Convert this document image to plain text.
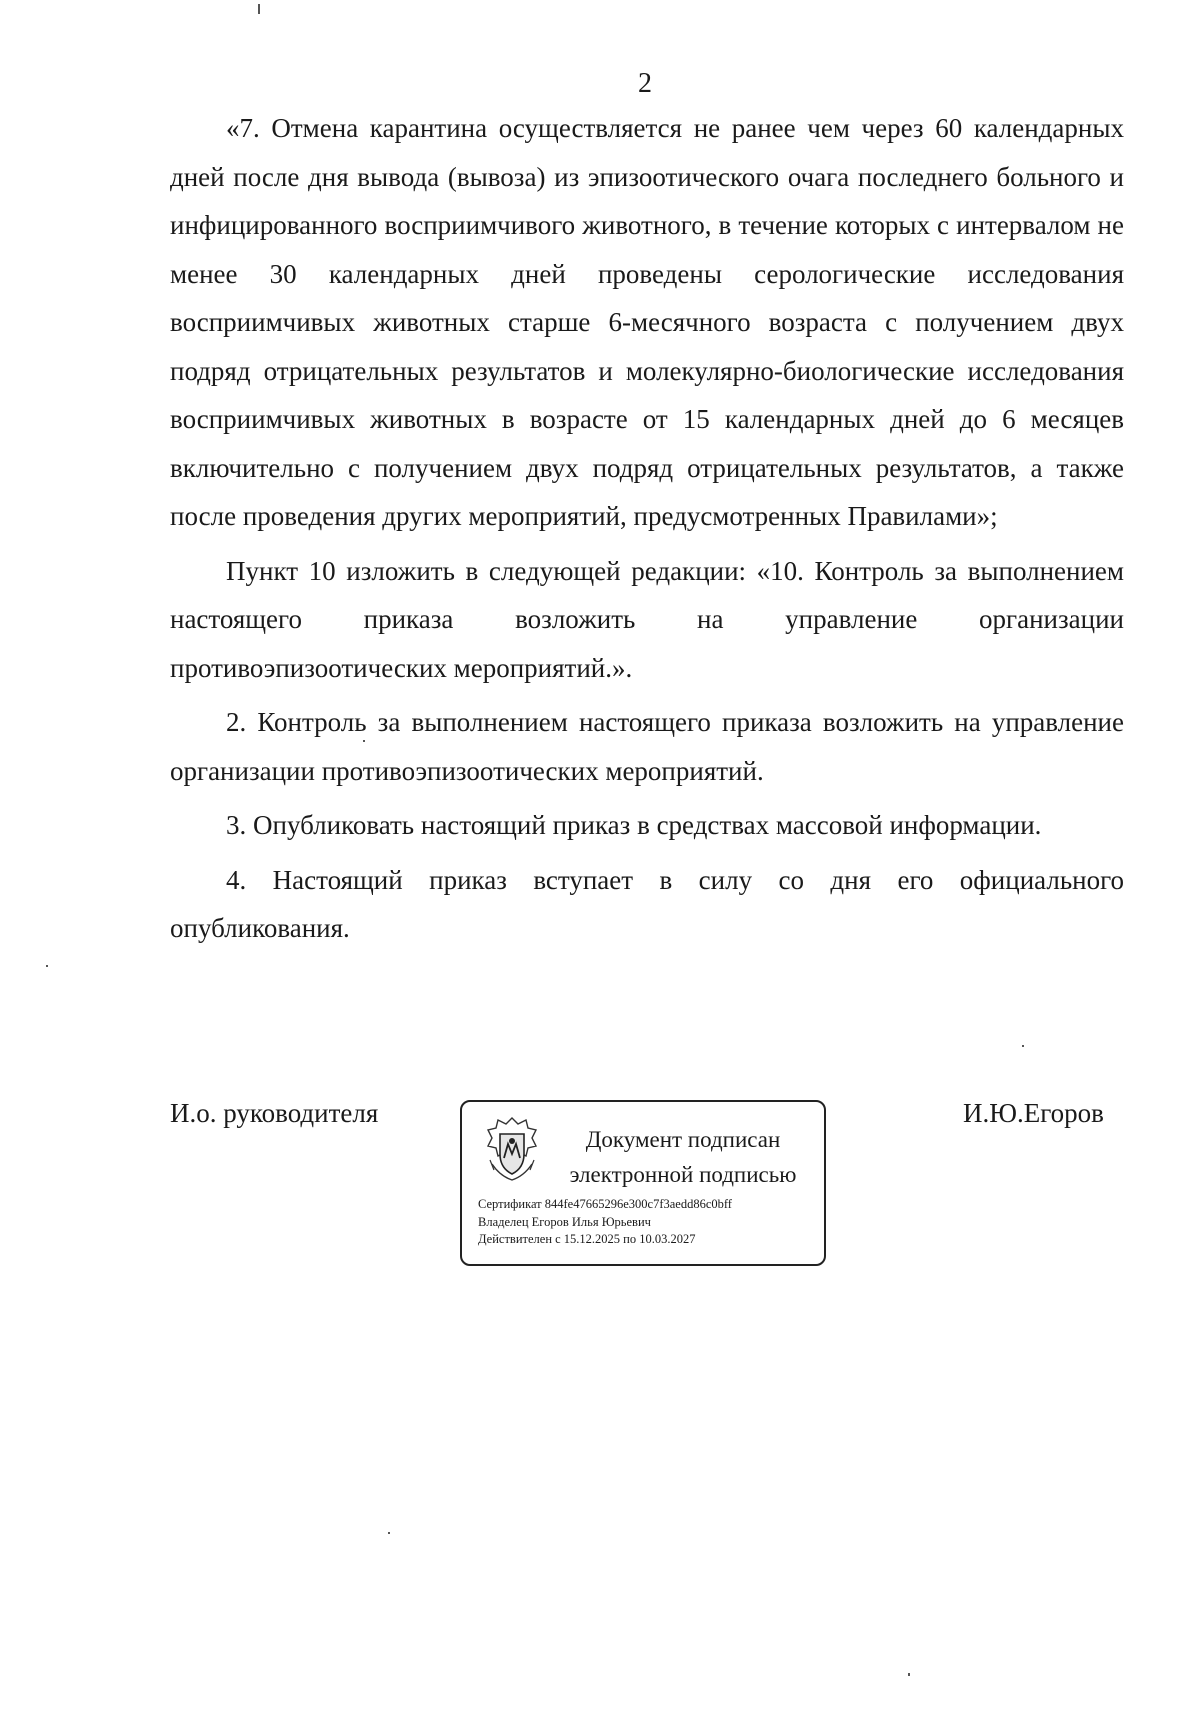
2

«7. Отмена карантина осуществляется не ранее чем через 60 календарных дней после дня вывода (вывоза) из эпизоотического очага последнего больного и инфицированного восприимчивого животного, в течение которых с интервалом не менее 30 календарных дней проведены серологические исследования восприимчивых животных старше 6-месячного возраста с получением двух подряд отрицательных результатов и молекулярно-биологические исследования восприимчивых животных в возрасте от 15 календарных дней до 6 месяцев включительно с получением двух подряд отрицательных результатов, а также после проведения других мероприятий, предусмотренных Правилами»;

Пункт 10 изложить в следующей редакции: «10. Контроль за выполнением настоящего приказа возложить на управление организации противоэпизоотических мероприятий.».

2. Контроль за выполнением настоящего приказа возложить на управление организации противоэпизоотических мероприятий.

3. Опубликовать настоящий приказ в средствах массовой информации.

4. Настоящий приказ вступает в силу со дня его официального опубликования.

И.о. руководителя
Документ подписан
электронной подписью
Сертификат 844fe47665296e300c7f3aedd86c0bff
Владелец Егоров Илья Юрьевич
Действителен с 15.12.2025 по 10.03.2027
И.Ю.Егоров
